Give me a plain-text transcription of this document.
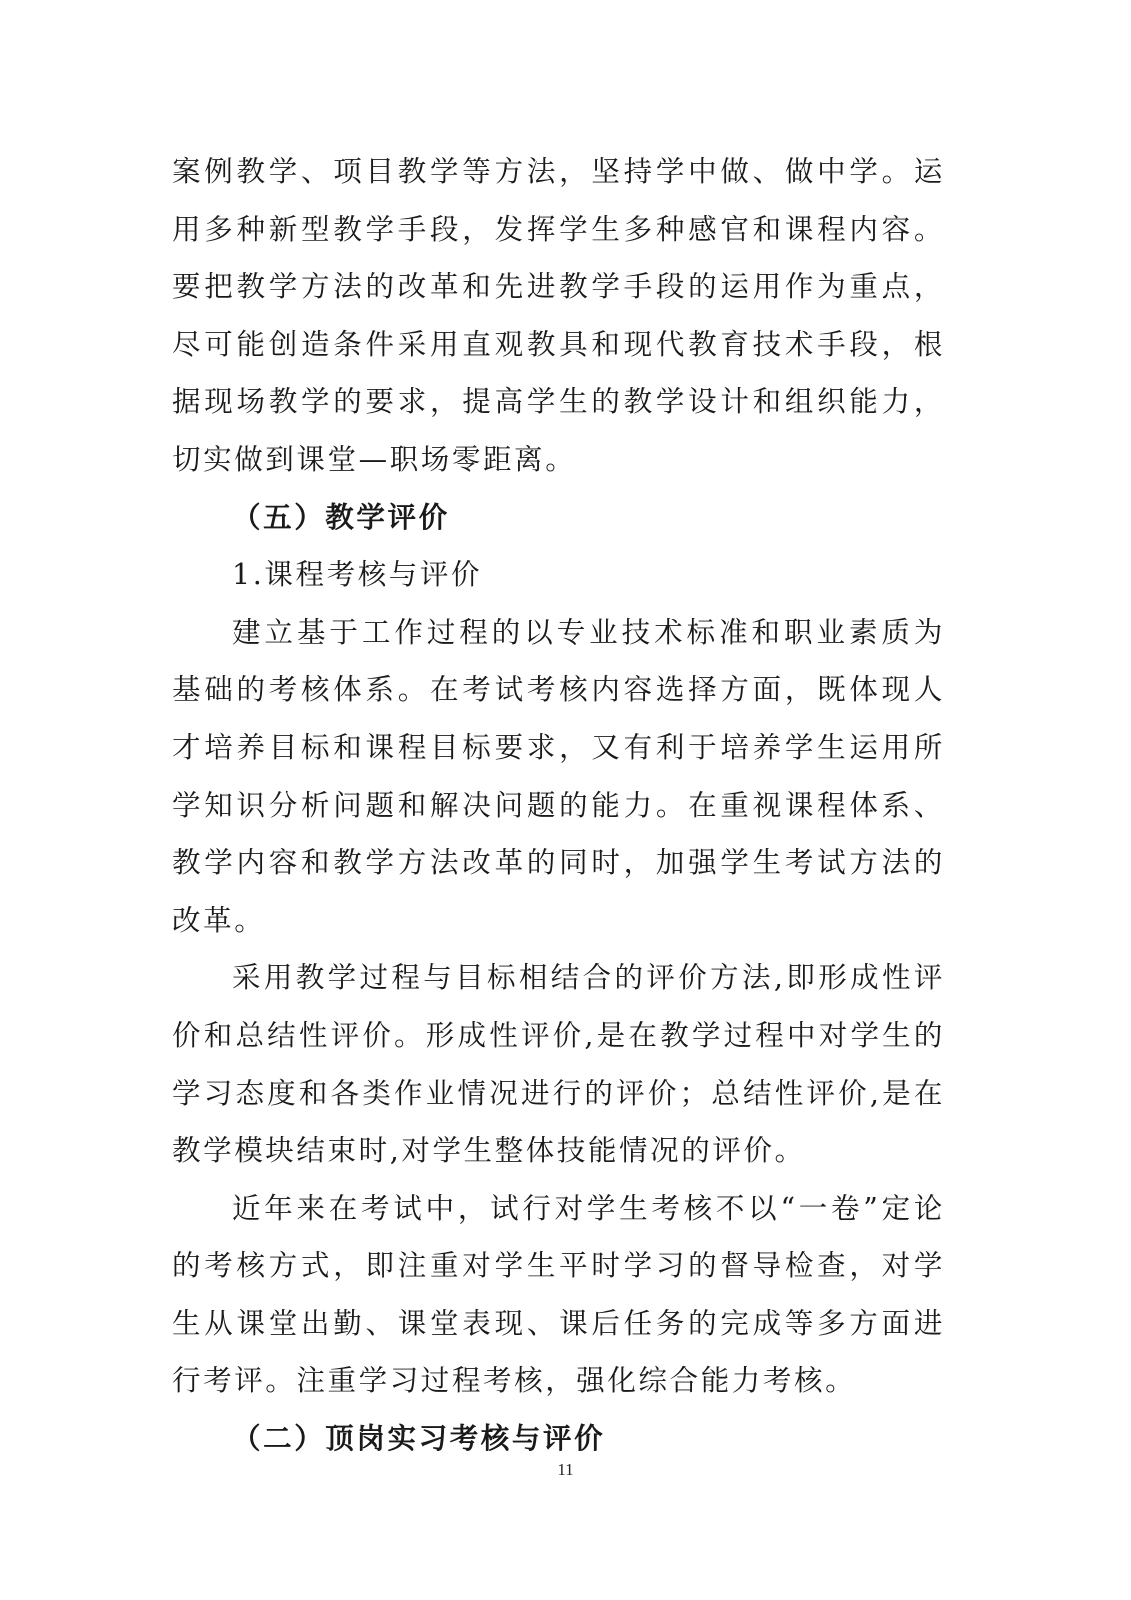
案例教学、项目教学等方法，坚持学中做、做中学。运用多种新型教学手段，发挥学生多种感官和课程内容。要把教学方法的改革和先进教学手段的运用作为重点，尽可能创造条件采用直观教具和现代教育技术手段，根据现场教学的要求，提高学生的教学设计和组织能力，切实做到课堂—职场零距离。

（五）教学评价

1.课程考核与评价

建立基于工作过程的以专业技术标准和职业素质为基础的考核体系。在考试考核内容选择方面，既体现人才培养目标和课程目标要求，又有利于培养学生运用所学知识分析问题和解决问题的能力。在重视课程体系、教学内容和教学方法改革的同时，加强学生考试方法的改革。

采用教学过程与目标相结合的评价方法,即形成性评价和总结性评价。形成性评价,是在教学过程中对学生的学习态度和各类作业情况进行的评价；总结性评价,是在教学模块结束时,对学生整体技能情况的评价。

近年来在考试中，试行对学生考核不以“一卷”定论的考核方式，即注重对学生平时学习的督导检查，对学生从课堂出勤、课堂表现、课后任务的完成等多方面进行考评。注重学习过程考核，强化综合能力考核。

（二）顶岗实习考核与评价

11
